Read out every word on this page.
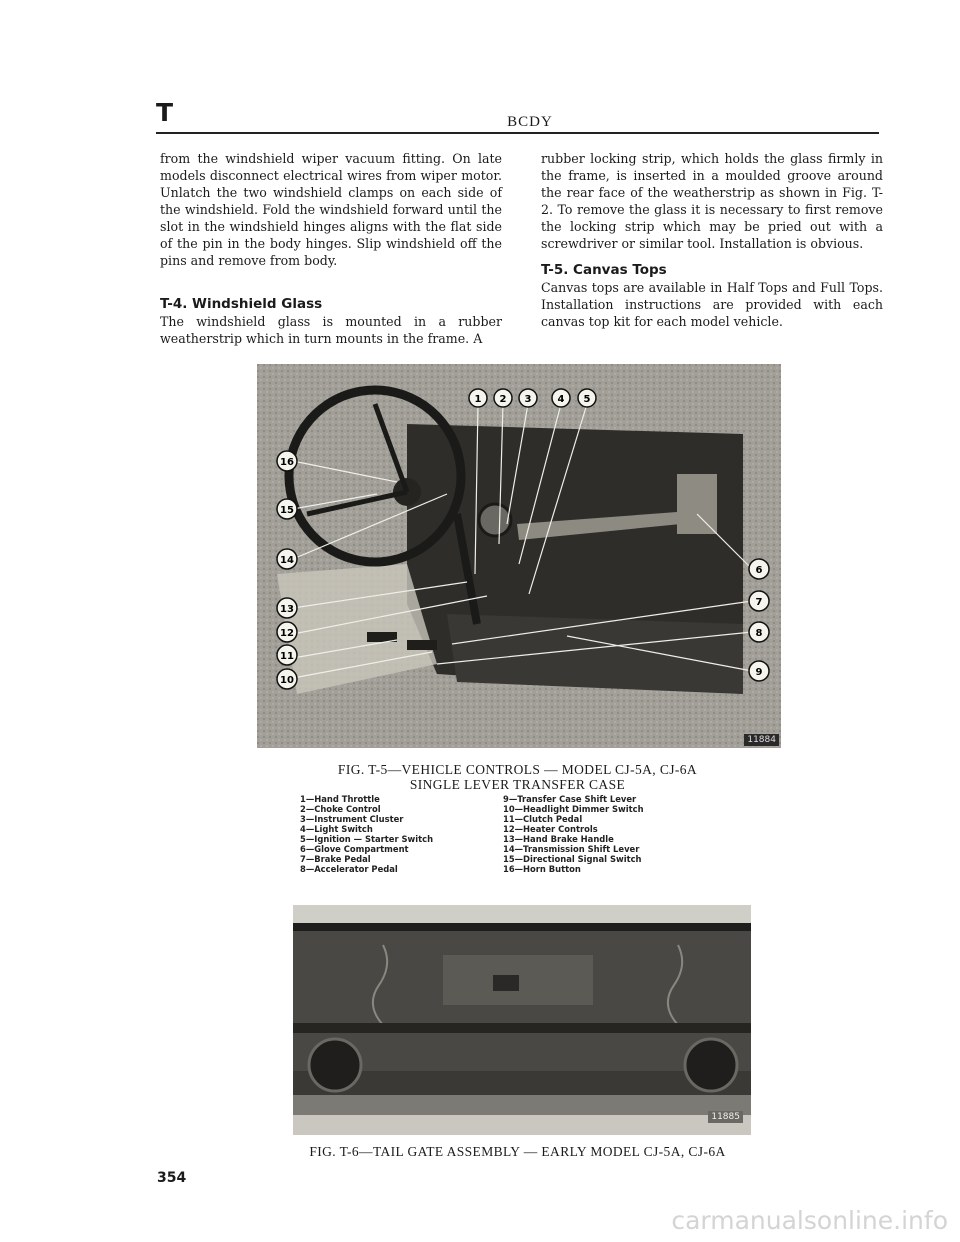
T	BCDY

from the windshield wiper vacuum fitting. On late models disconnect electrical wires from wiper motor. Unlatch the two windshield clamps on each side of the windshield. Fold the windshield forward until the slot in the windshield hinges aligns with the flat side of the pin in the body hinges. Slip windshield off the pins and remove from body.

T-4. Windshield Glass

The windshield glass is mounted in a rubber weatherstrip which in turn mounts in the frame. A

rubber locking strip, which holds the glass firmly in the frame, is inserted in a moulded groove around the rear face of the weatherstrip as shown in Fig. T-2. To remove the glass it is necessary to first remove the locking strip which may be pried out with a screwdriver or similar tool. Installation is obvious.

T-5. Canvas Tops

Canvas tops are available in Half Tops and Full Tops. Installation instructions are provided with each canvas top kit for each model vehicle.

1 2 3	4 5
16
15
14
13
12
11
10
6
7
8
9
11884
FIG. T-5—VEHICLE CONTROLS — MODEL CJ-5A, CJ-6A
SINGLE LEVER TRANSFER CASE
1—Hand Throttle
2—Choke Control
3—Instrument Cluster
4—Light Switch
5—Ignition — Starter Switch
6—Glove Compartment
7—Brake Pedal
8—Accelerator Pedal
9—Transfer Case Shift Lever
10—Headlight Dimmer Switch
11—Clutch Pedal
12—Heater Controls
13—Hand Brake Handle
14—Transmission Shift Lever
15—Directional Signal Switch
16—Horn Button
11885
FIG. T-6—TAIL GATE ASSEMBLY — EARLY MODEL CJ-5A, CJ-6A
354
carmanualsonline.info
